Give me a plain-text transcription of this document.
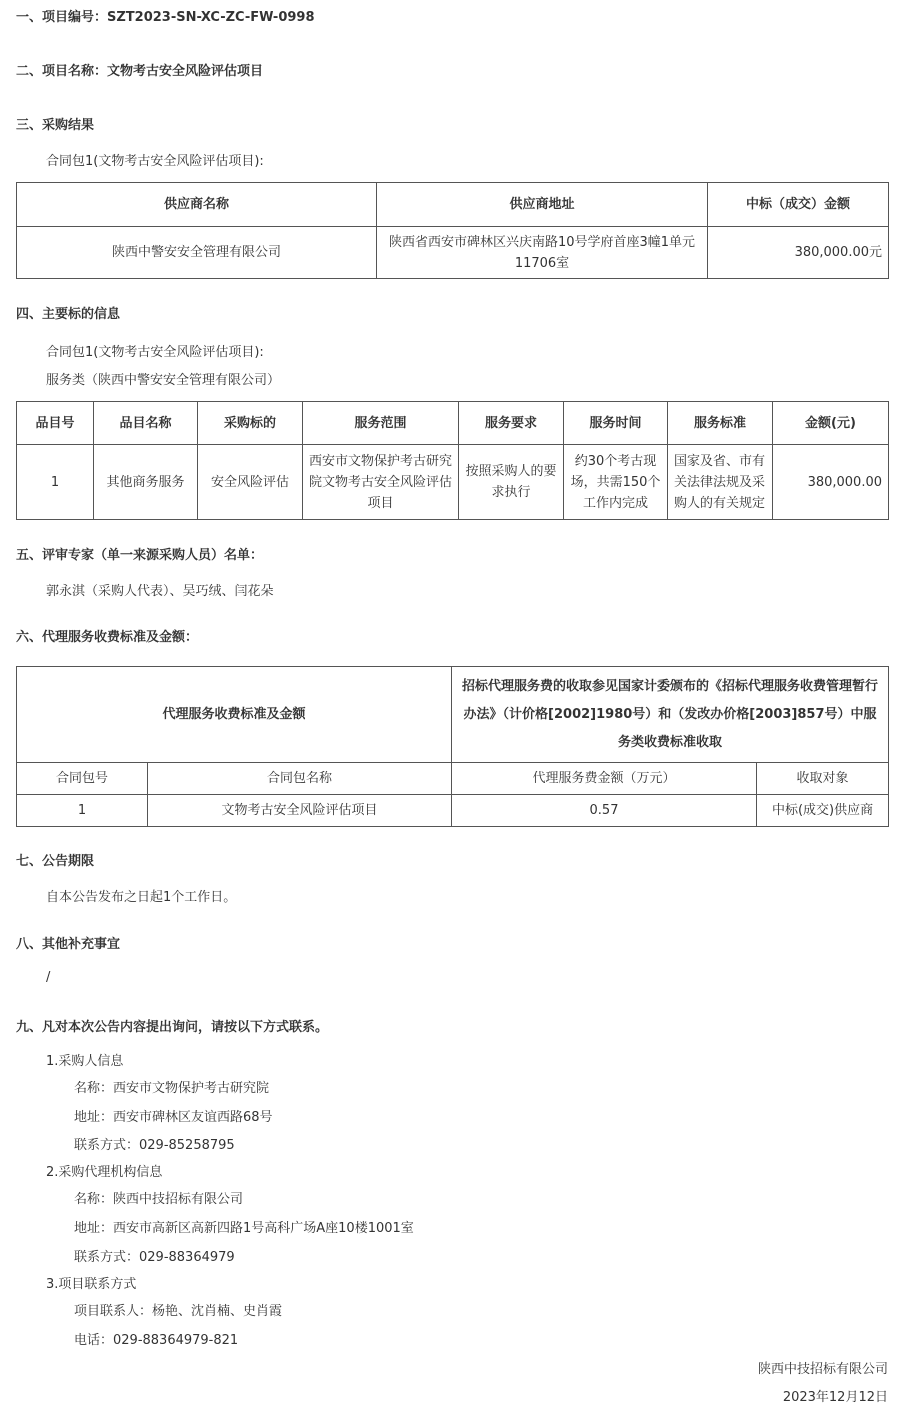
一、项目编号：SZT2023-SN-XC-ZC-FW-0998
二、项目名称：文物考古安全风险评估项目
三、采购结果
合同包1(文物考古安全风险评估项目):
供应商名称	供应商地址	中标（成交）金额
陕西中警安安全管理有限公司	陕西省西安市碑林区兴庆南路10号学府首座3幢1单元11706室	380,000.00元
四、主要标的信息
合同包1(文物考古安全风险评估项目):
服务类（陕西中警安安全管理有限公司）
品目号	品目名称	采购标的	服务范围	服务要求	服务时间	服务标准	金额(元)
1	其他商务服务	安全风险评估	西安市文物保护考古研究院文物考古安全风险评估项目	按照采购人的要求执行	约30个考古现场，共需150个工作内完成	国家及省、市有关法律法规及采购人的有关规定	380,000.00
五、评审专家（单一来源采购人员）名单：
郭永淇（采购人代表）、吴巧绒、闫花朵
六、代理服务收费标准及金额：
代理服务收费标准及金额		招标代理服务费的收取参见国家计委颁布的《招标代理服务收费管理暂行办法》（计价格[2002]1980号）和（发改办价格[2003]857号）中服务类收费标准收取	
合同包号	合同包名称	代理服务费金额（万元）	收取对象
1	文物考古安全风险评估项目	0.57	中标(成交)供应商
七、公告期限
自本公告发布之日起1个工作日。
八、其他补充事宜
/
九、凡对本次公告内容提出询问，请按以下方式联系。
1.采购人信息
名称：西安市文物保护考古研究院
地址：西安市碑林区友谊西路68号
联系方式：029-85258795
2.采购代理机构信息
名称：陕西中技招标有限公司
地址：西安市高新区高新四路1号高科广场A座10楼1001室
联系方式：029-88364979
3.项目联系方式
项目联系人：杨艳、沈肖楠、史肖霞
电话：029-88364979-821
陕西中技招标有限公司
2023年12月12日
